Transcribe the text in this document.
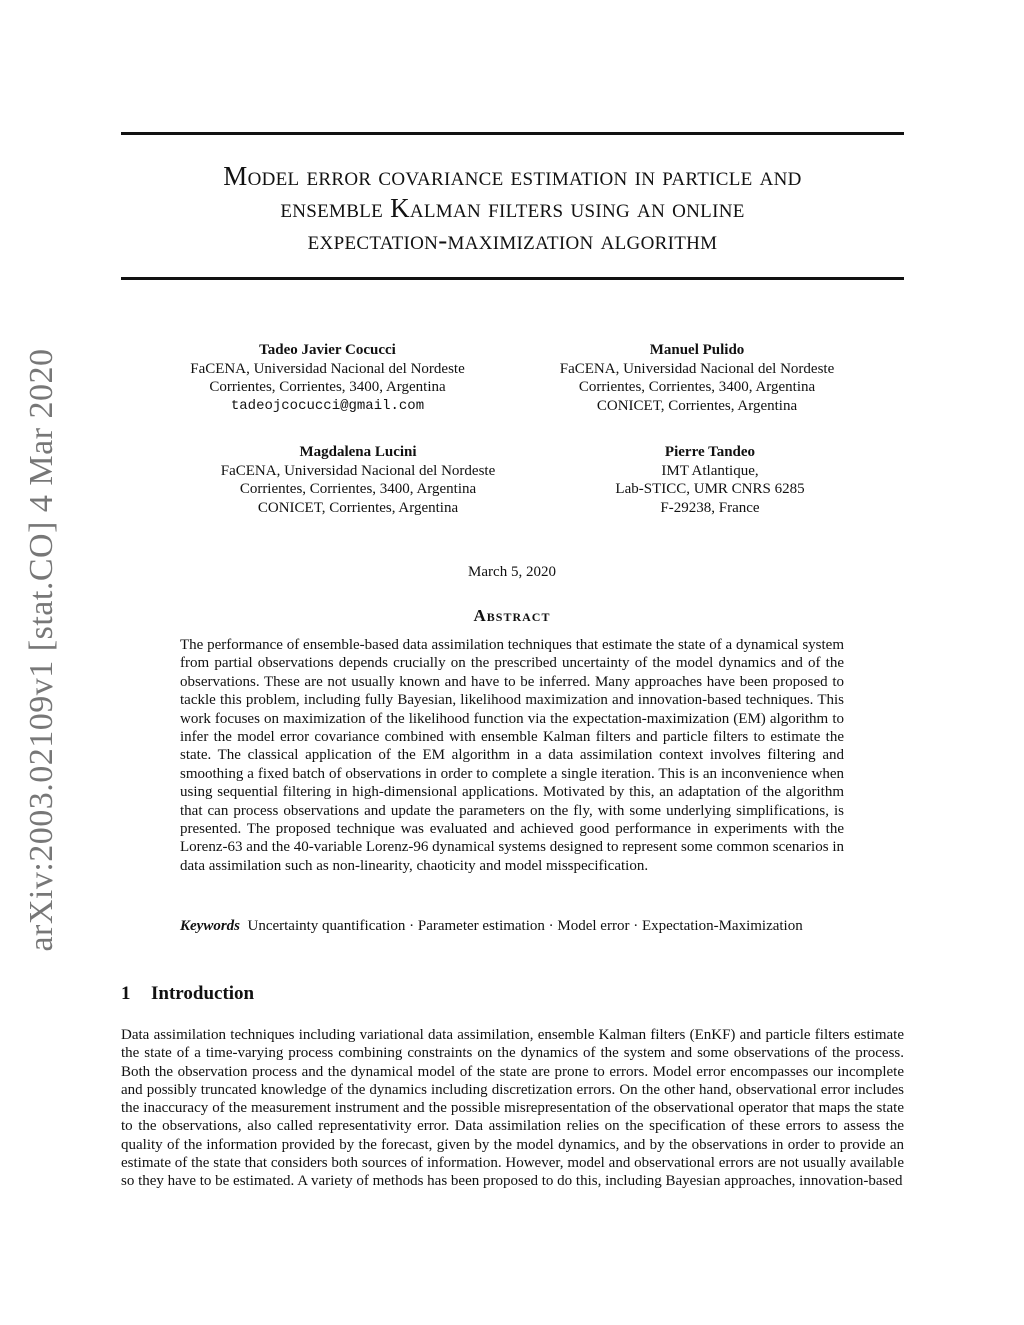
arXiv:2003.02109v1 [stat.CO] 4 Mar 2020
Model error covariance estimation in particle and
ensemble Kalman filters using an online
expectation-maximization algorithm
Tadeo Javier Cocucci
FaCENA, Universidad Nacional del Nordeste
Corrientes, Corrientes, 3400, Argentina
tadeojcocucci@gmail.com
Manuel Pulido
FaCENA, Universidad Nacional del Nordeste
Corrientes, Corrientes, 3400, Argentina
CONICET, Corrientes, Argentina
Magdalena Lucini
FaCENA, Universidad Nacional del Nordeste
Corrientes, Corrientes, 3400, Argentina
CONICET, Corrientes, Argentina
Pierre Tandeo
IMT Atlantique,
Lab-STICC, UMR CNRS 6285
F-29238, France
March 5, 2020
Abstract
The performance of ensemble-based data assimilation techniques that estimate the state of a dynamical system from partial observations depends crucially on the prescribed uncertainty of the model dynamics and of the observations. These are not usually known and have to be inferred. Many approaches have been proposed to tackle this problem, including fully Bayesian, likelihood maximization and innovation-based techniques. This work focuses on maximization of the likelihood function via the expectation-maximization (EM) algorithm to infer the model error covariance combined with ensemble Kalman filters and particle filters to estimate the state. The classical application of the EM algorithm in a data assimilation context involves filtering and smoothing a fixed batch of observations in order to complete a single iteration. This is an inconvenience when using sequential filtering in high-dimensional applications. Motivated by this, an adaptation of the algorithm that can process observations and update the parameters on the fly, with some underlying simplifications, is presented. The proposed technique was evaluated and achieved good performance in experiments with the Lorenz-63 and the 40-variable Lorenz-96 dynamical systems designed to represent some common scenarios in data assimilation such as non-linearity, chaoticity and model misspecification.
Keywords Uncertainty quantification · Parameter estimation · Model error · Expectation-Maximization
1 Introduction
Data assimilation techniques including variational data assimilation, ensemble Kalman filters (EnKF) and particle filters estimate the state of a time-varying process combining constraints on the dynamics of the system and some observations of the process. Both the observation process and the dynamical model of the state are prone to errors. Model error encompasses our incomplete and possibly truncated knowledge of the dynamics including discretization errors. On the other hand, observational error includes the inaccuracy of the measurement instrument and the possible misrepresentation of the observational operator that maps the state to the observations, also called representativity error. Data assimilation relies on the specification of these errors to assess the quality of the information provided by the forecast, given by the model dynamics, and by the observations in order to provide an estimate of the state that considers both sources of information. However, model and observational errors are not usually available so they have to be estimated. A variety of methods has been proposed to do this, including Bayesian approaches, innovation-based
